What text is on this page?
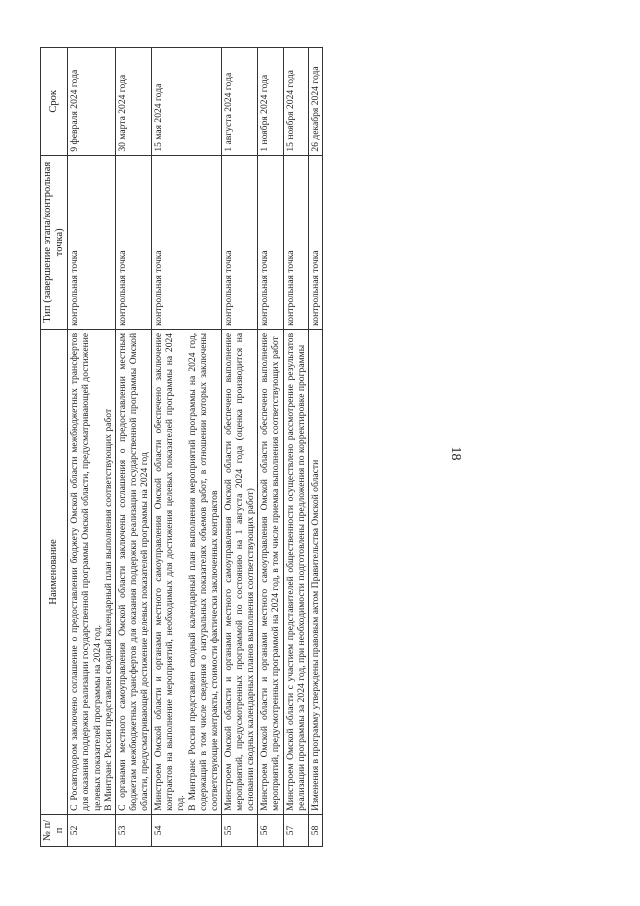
18
№ п/п	Наименование	Тип (завершение этапа/контрольная точка)	Срок
52	С Росавтодором заключено соглашение о предоставлении бюджету Омской области межбюджетных трансфертов для оказания поддержки реализации государственной программы Омской области, предусматривающей достижение целевых показателей программы на 2024 год. В Минтранс России представлен сводный календарный план выполнения соответствующих работ	контрольная точка	9 февраля 2024 года
53	С органами местного самоуправления Омской области заключены соглашения о предоставлении местным бюджетам межбюджетных трансфертов для оказания поддержки реализации государственной программы Омской области, предусматривающей достижение целевых показателей программы на 2024 год	контрольная точка	30 марта 2024 года
54	Минстроем Омской области и органами местного самоуправления Омской области обеспечено заключение контрактов на выполнение мероприятий, необходимых для достижения целевых показателей программы на 2024 год. В Минтранс России представлен сводный календарный план выполнения мероприятий программы на 2024 год, содержащий в том числе сведения о натуральных показателях объемов работ, в отношении которых заключены соответствующие контракты, стоимости фактически заключенных контрактов	контрольная точка	15 мая 2024 года
55	Минстроем Омской области и органами местного самоуправления Омской области обеспечено выполнение мероприятий, предусмотренных программой по состоянию на 1 августа 2024 года (оценка производится на основании сводных календарных планов выполнения соответствующих работ)	контрольная точка	1 августа 2024 года
56	Минстроем Омской области и органами местного самоуправления Омской области обеспечено выполнение мероприятий, предусмотренных программой на 2024 год, в том числе приемка выполнения соответствующих работ	контрольная точка	1 ноября 2024 года
57	Минстроем Омской области с участием представителей общественности осуществлено рассмотрение результатов реализации программы за 2024 год, при необходимости подготовлены предложения по корректировке программы	контрольная точка	15 ноября 2024 года
58	Изменения в программу утверждены правовым актом Правительства Омской области	контрольная точка	26 декабря 2024 года
